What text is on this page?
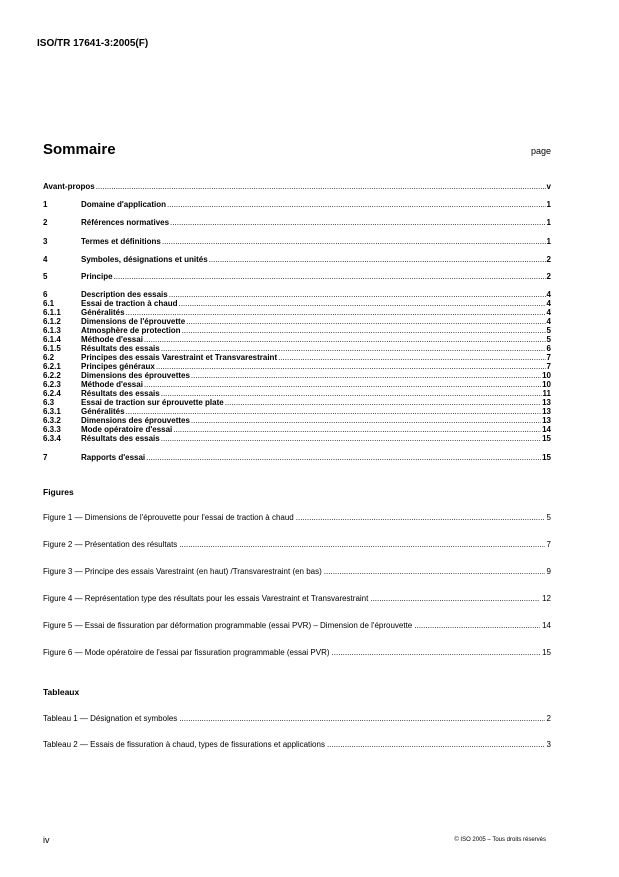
ISO/TR 17641-3:2005(F)
Sommaire	page
Avant-propos .....	v
1	Domaine d'application .....	1
2	Références normatives .....	1
3	Termes et définitions .....	1
4	Symboles, désignations et unités .....	2
5	Principe .....	2
6	Description des essais .....	4
6.1	Essai de traction à chaud .....	4
6.1.1	Généralités .....	4
6.1.2	Dimensions de l'éprouvette .....	4
6.1.3	Atmosphère de protection .....	5
6.1.4	Méthode d'essai .....	5
6.1.5	Résultats des essais .....	6
6.2	Principes des essais Varestraint et Transvarestraint .....	7
6.2.1	Principes généraux .....	7
6.2.2	Dimensions des éprouvettes .....	10
6.2.3	Méthode d'essai .....	10
6.2.4	Résultats des essais .....	11
6.3	Essai de traction sur éprouvette plate .....	13
6.3.1	Généralités .....	13
6.3.2	Dimensions des éprouvettes .....	13
6.3.3	Mode opératoire d'essai .....	14
6.3.4	Résultats des essais .....	15
7	Rapports d'essai .....	15
Figures
Figure 1 — Dimensions de l'éprouvette pour l'essai de traction à chaud .....	5
Figure 2 — Présentation des résultats .....	7
Figure 3 — Principe des essais Varestraint (en haut) /Transvarestraint (en bas) .....	9
Figure 4 — Représentation type des résultats pour les essais Varestraint et Transvarestraint .....	12
Figure 5 — Essai de fissuration par déformation programmable (essai PVR) – Dimension de l'éprouvette .....	14
Figure 6 — Mode opératoire de l'essai par fissuration programmable (essai PVR) .....	15
Tableaux
Tableau 1 — Désignation et symboles .....	2
Tableau 2 — Essais de fissuration à chaud, types de fissurations et applications .....	3
iv	© ISO 2005 – Tous droits réservés
